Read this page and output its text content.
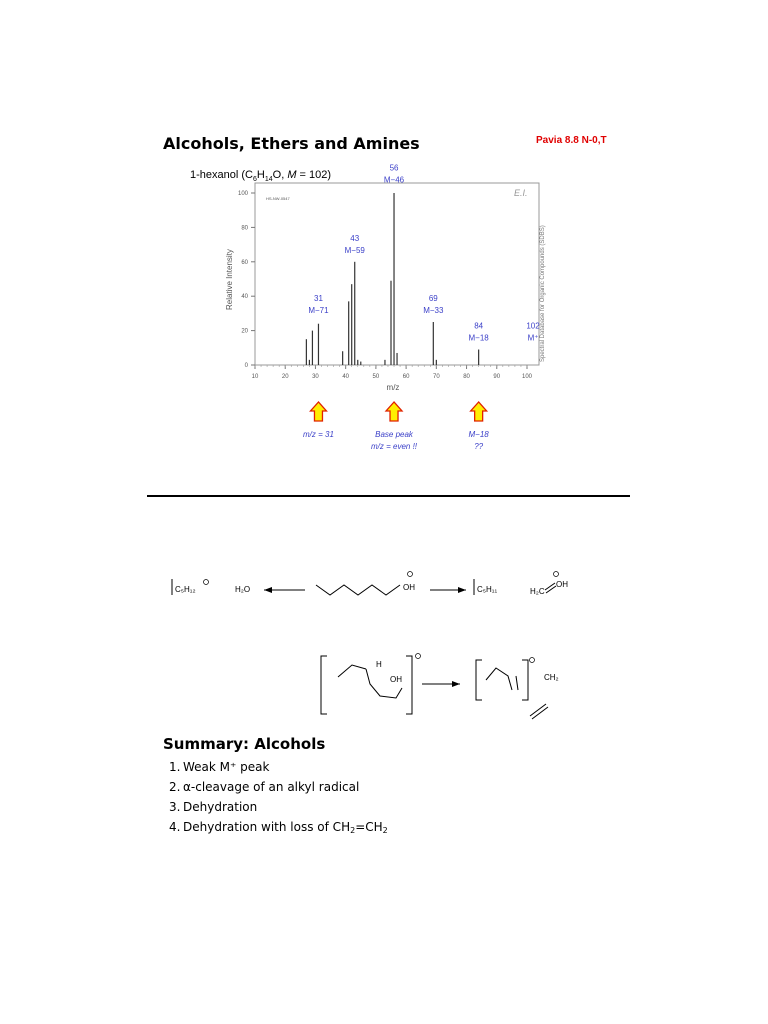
Alcohols, Ethers and Amines	Pavia 8.8 N-0,T
1-hexanol ($C_6H_{14}O$, M = 102)
HS-NW-0547
E.I.
Spectral Database for Organic Compounds (SDBS)
Relative Intensity
m/z
10	20	30	40	50	60	70	80	90	100
0
20
40
60
80
100
31
M−71
43
M−59
56
M−46
69
M−33
84
M−18
102
M⁺
m/z = 31	Base peak
m/z = even !!
M−18
??
C₅H₁₂	H₂O	OH	C₅H₁₁	H₂C
OH
H
OH	CH₂
Summary: Alcohols
1. Weak M⁺ peak
2. α-cleavage of an alkyl radical
3. Dehydration
4. Dehydration with loss of CH2=CH2
